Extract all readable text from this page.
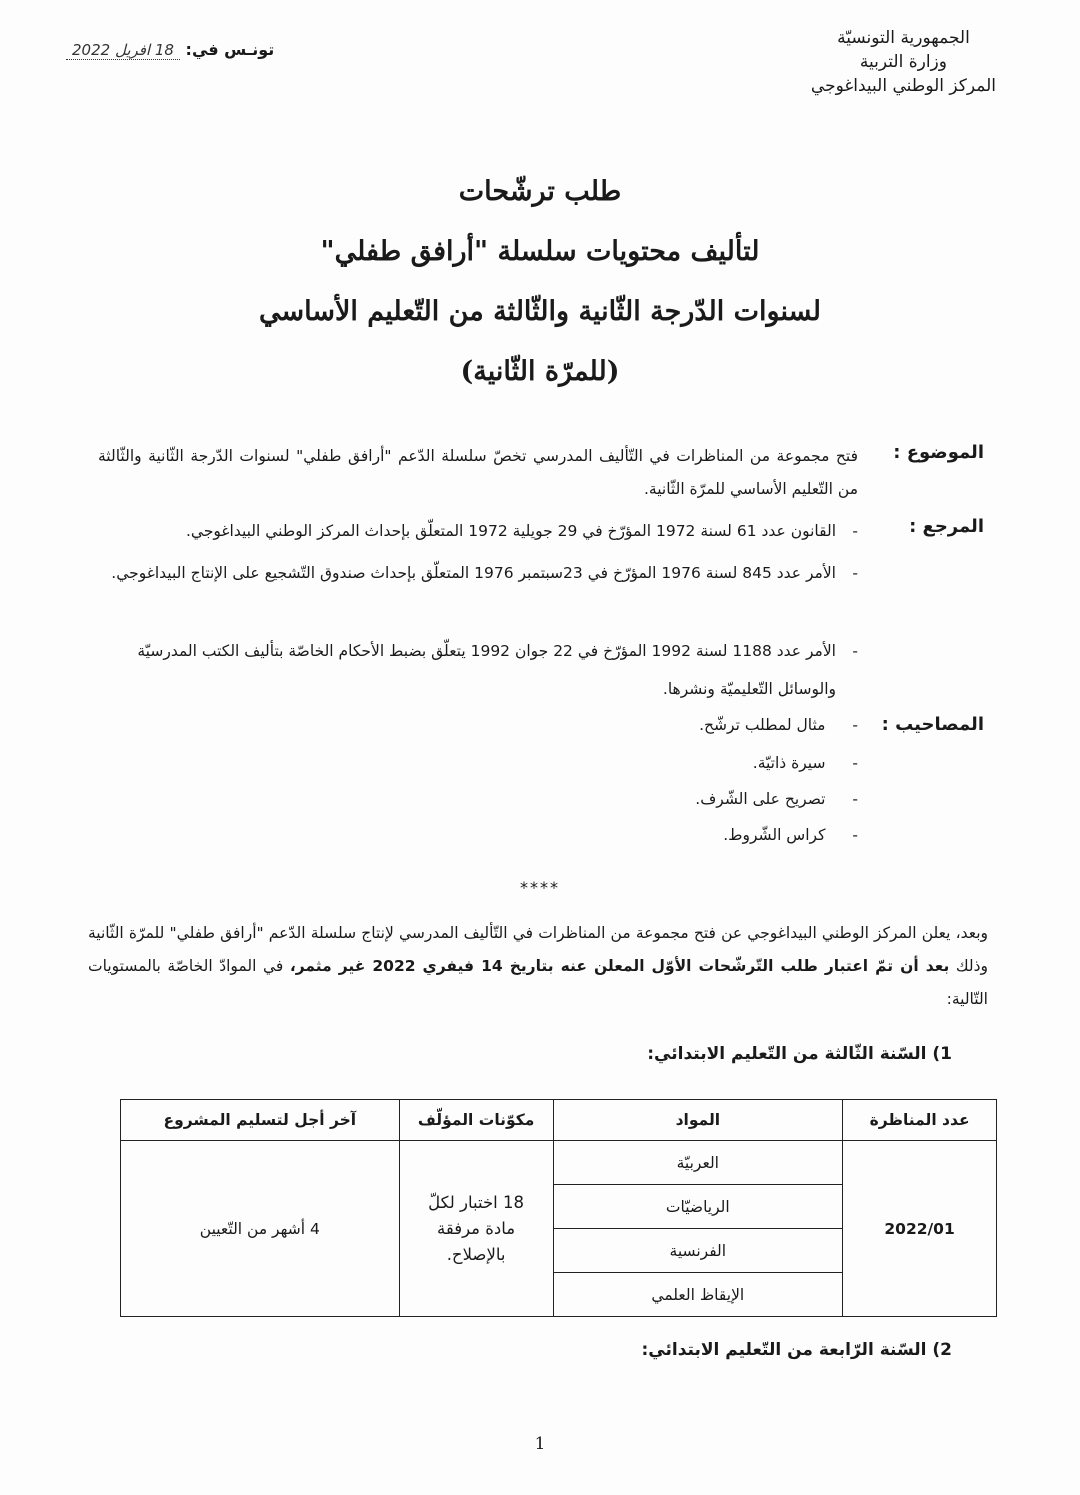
الجمهورية التونسيّة
وزارة التربية
المركز الوطني البيداغوجي
تونـس في: 18 افريل 2022
طلب ترشّحات
لتأليف محتويات سلسلة "أرافق طفلي"
لسنوات الدّرجة الثّانية والثّالثة من التّعليم الأساسي
(للمرّة الثّانية)
الموضوع :
فتح مجموعة من المناظرات في التّأليف المدرسي تخصّ سلسلة الدّعم "أرافق طفلي" لسنوات الدّرجة الثّانية والثّالثة من التّعليم الأساسي للمرّة الثّانية.
المرجع :
-
القانون عدد 61 لسنة 1972 المؤرّخ في 29 جويلية 1972 المتعلّق بإحداث المركز الوطني البيداغوجي.
-
الأمر عدد 845 لسنة 1976 المؤرّخ في 23سبتمبر 1976 المتعلّق بإحداث صندوق التّشجيع على الإنتاج البيداغوجي.
-
الأمر عدد 1188 لسنة 1992 المؤرّخ في 22 جوان 1992 يتعلّق بضبط الأحكام الخاصّة بتأليف الكتب المدرسيّة والوسائل التّعليميّة ونشرها.
المصاحيب :
- مثال لمطلب ترشّح.
- سيرة ذاتيّة.
- تصريح على الشّرف.
- كراس الشّروط.
****
وبعد، يعلن المركز الوطني البيداغوجي عن فتح مجموعة من المناظرات في التّأليف المدرسي لإنتاج سلسلة الدّعم "أرافق طفلي" للمرّة الثّانية وذلك بعد أن تمّ اعتبار طلب التّرشّحات الأوّل المعلن عنه بتاريخ 14 فيفري 2022 غير مثمر، في الموادّ الخاصّة بالمستويات التّالية:
1) السّنة الثّالثة من التّعليم الابتدائي:
عدد المناظرة	المواد	مكوّنات المؤلّف	آخر أجل لتسليم المشروع
2022/01	العربيّة	18 اختبار لكلّ مادة مرفقة بالإصلاح.	4 أشهر من التّعيين
	الرياضيّات		
	الفرنسية		
	الإيقاظ العلمي		
2) السّنة الرّابعة من التّعليم الابتدائي:
1
